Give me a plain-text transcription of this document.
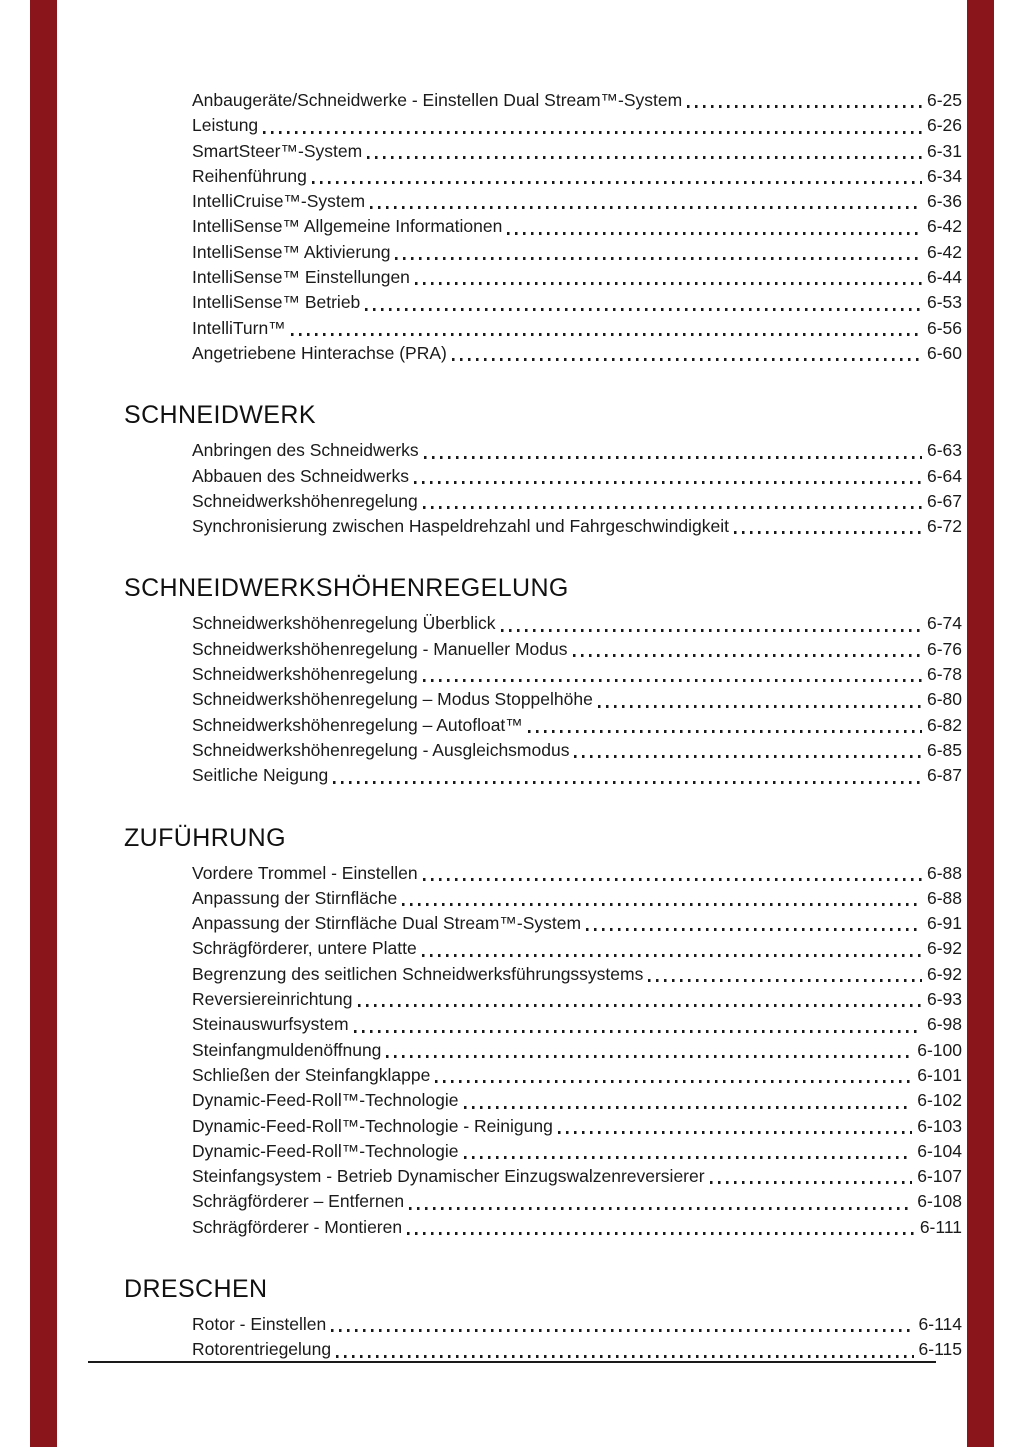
Anbaugeräte/Schneidwerke - Einstellen Dual Stream™-System	6-25
Leistung	6-26
SmartSteer™-System	6-31
Reihenführung	6-34
IntelliCruise™-System	6-36
IntelliSense™ Allgemeine Informationen	6-42
IntelliSense™ Aktivierung	6-42
IntelliSense™ Einstellungen	6-44
IntelliSense™ Betrieb	6-53
IntelliTurn™	6-56
Angetriebene Hinterachse (PRA)	6-60
SCHNEIDWERK
Anbringen des Schneidwerks	6-63
Abbauen des Schneidwerks	6-64
Schneidwerkshöhenregelung	6-67
Synchronisierung zwischen Haspeldrehzahl und Fahrgeschwindigkeit	6-72
SCHNEIDWERKSHÖHENREGELUNG
Schneidwerkshöhenregelung Überblick	6-74
Schneidwerkshöhenregelung - Manueller Modus	6-76
Schneidwerkshöhenregelung	6-78
Schneidwerkshöhenregelung – Modus Stoppelhöhe	6-80
Schneidwerkshöhenregelung – Autofloat™	6-82
Schneidwerkshöhenregelung - Ausgleichsmodus	6-85
Seitliche Neigung	6-87
ZUFÜHRUNG
Vordere Trommel - Einstellen	6-88
Anpassung der Stirnfläche	6-88
Anpassung der Stirnfläche Dual Stream™-System	6-91
Schrägförderer, untere Platte	6-92
Begrenzung des seitlichen Schneidwerksführungssystems	6-92
Reversiereinrichtung	6-93
Steinauswurfsystem	6-98
Steinfangmuldenöffnung	6-100
Schließen der Steinfangklappe	6-101
Dynamic-Feed-Roll™-Technologie	6-102
Dynamic-Feed-Roll™-Technologie - Reinigung	6-103
Dynamic-Feed-Roll™-Technologie	6-104
Steinfangsystem - Betrieb Dynamischer Einzugswalzenreversierer	6-107
Schrägförderer – Entfernen	6-108
Schrägförderer - Montieren	6-111
DRESCHEN
Rotor - Einstellen	6-114
Rotorentriegelung	6-115
